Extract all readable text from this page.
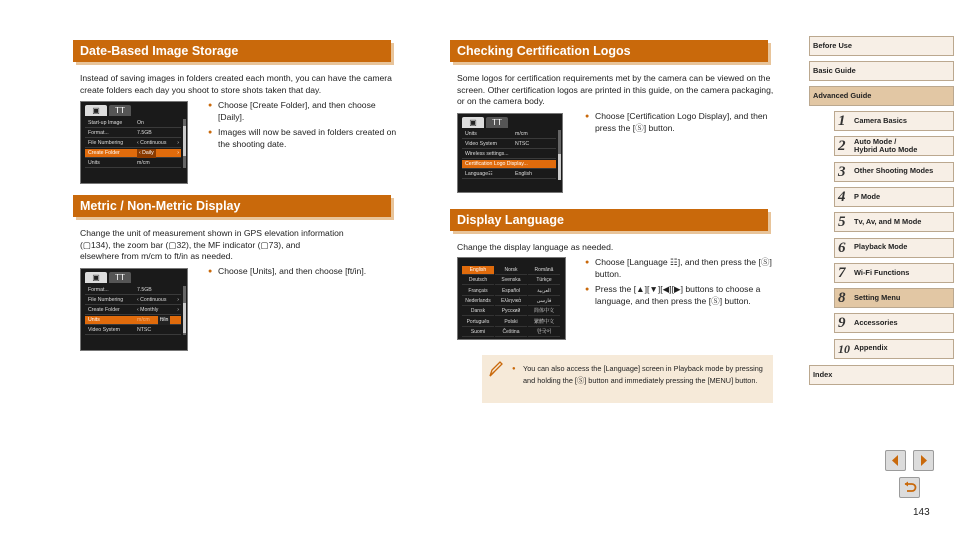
Date-Based Image Storage
Instead of saving images in folders created each month, you can have the camera create folders each day you shoot to store shots taken that day.
▣	𝖳𝖳
Start-up Image	On
Format...	7.5GB
File Numbering	‹ Continuous ›
Create Folder	‹ Daily	›
Units	m/cm
● Choose [Create Folder], and then choose [Daily].
● Images will now be saved in folders created on the shooting date.
Metric / Non-Metric Display
Change the unit of measurement shown in GPS elevation information
(▢134), the zoom bar (▢32), the MF indicator (▢73), and
elsewhere from m/cm to ft/in as needed.
▣	𝖳𝖳
Format...	7.5GB
File Numbering	‹ Continuous ›
Create Folder	‹ Monthly	›
Units	m/cm	ft/in
Video System	NTSC
● Choose [Units], and then choose [ft/in].
Checking Certification Logos
Some logos for certification requirements met by the camera can be viewed on the screen. Other certification logos are printed in this guide, on the camera packaging, or on the camera body.
▣	𝖳𝖳
Units	m/cm
Video System	NTSC
Wireless settings...
Certification Logo Display...
Language☷	English
● Choose [Certification Logo Display], and then press the [Ⓢ] button.
Display Language
Change the display language as needed.
English	Norsk	Română
Deutsch	Svenska	Türkçe
Français	Español	العربية
Nederlands	Ελληνικά	فارسی
Dansk	Русский	简体中文
Português	Polski	繁體中文
Suomi	Čeština	한국어
● Choose [Language ☷], and then press the [Ⓢ] button.
● Press the [▲][▼][◀][▶] buttons to choose a language, and then press the [Ⓢ] button.
● You can also access the [Language] screen in Playback mode by pressing and holding the [Ⓢ] button and immediately pressing the [MENU] button.
Before Use
Basic Guide
Advanced Guide
1 Camera Basics
2 Auto Mode /
Hybrid Auto Mode
3 Other Shooting Modes
4 P Mode
5 Tv, Av, and M Mode
6 Playback Mode
7 Wi-Fi Functions
8 Setting Menu
9 Accessories
10 Appendix
Index
143
